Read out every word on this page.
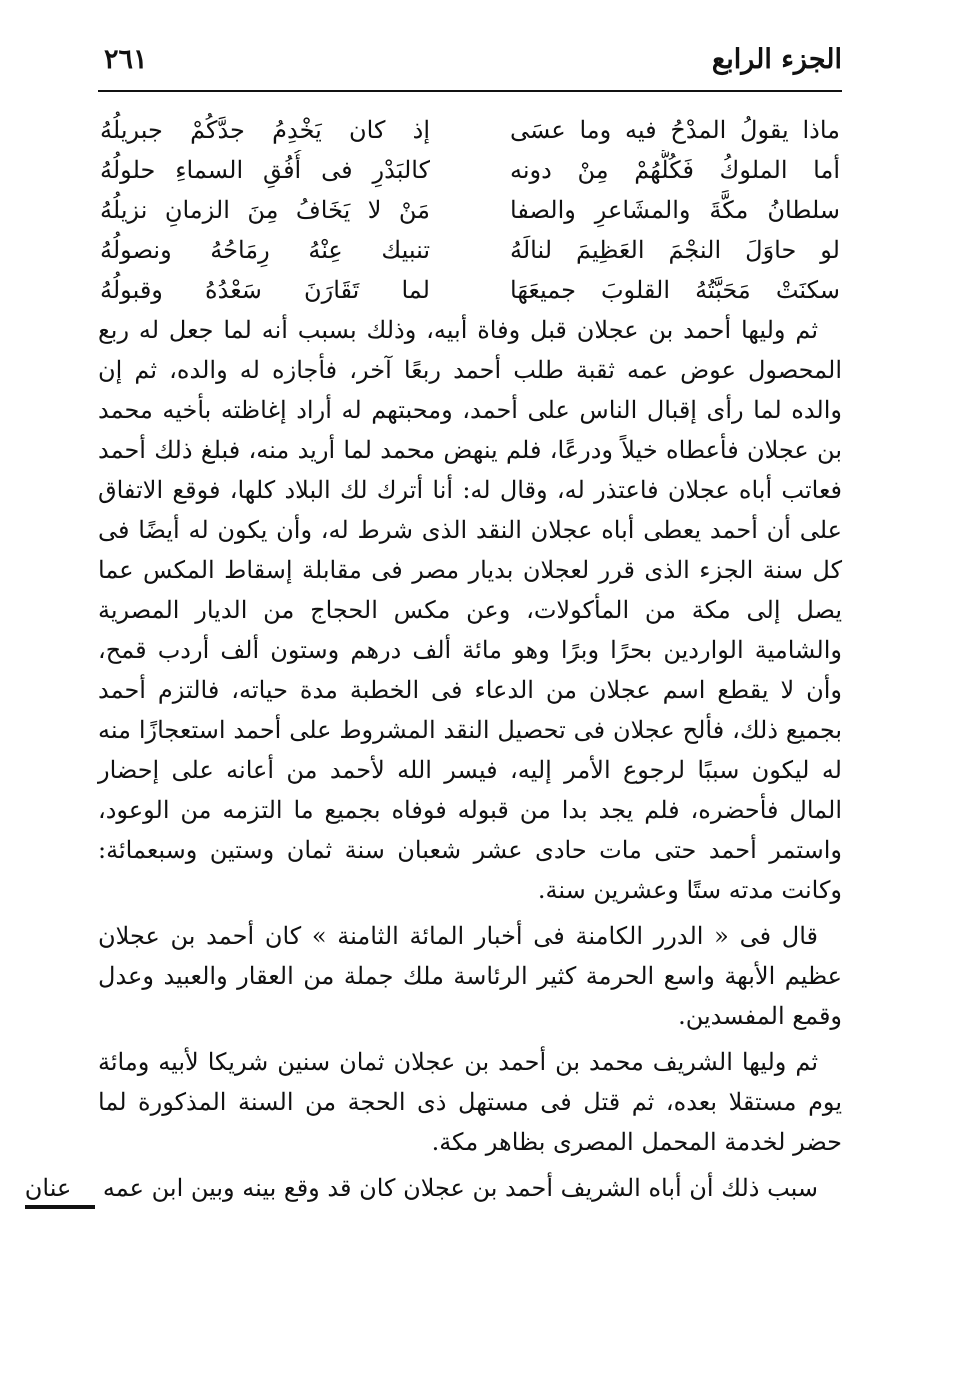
الجزء الرابع
٢٦١
ماذا يقولُ المدْحُ فيه وما عسَى
إذ كان يَخْدِمُ جدَّكُمْ جبريلُهُ
أما الملوكُ فَكُلُّهُمْ مِنْ دونه
كالبَدْرِ فى أُفُقِ السماءِ حلولُهُ
سلطانُ مكَّةَ والمشَاعرِ والصفا
مَنْ لا يَخَافُ مِنَ الزمانِ نزيلُهُ
لو حاوَلَ النجْمَ العَظِيمَ لنالَهُ
تنبيك عِنْهُ رِمَاحُهُ ونصولُهُ
سكنَتْ مَحَبَّتُهُ القلوبَ جميعَهَا
لما تَقَارَنَ سَعْدُهُ وقبولُهُ

ثم وليها أحمد بن عجلان قبل وفاة أبيه، وذلك بسبب أنه لما جعل له ربع المحصول عوض عمه ثقبة طلب أحمد ربعًا آخر، فأجازه له والده، ثم إن والده لما رأى إقبال الناس على أحمد، ومحبتهم له أراد إغاظته بأخيه محمد بن عجلان فأعطاه خيلاً ودرعًا، فلم ينهض محمد لما أريد منه، فبلغ ذلك أحمد فعاتب أباه عجلان فاعتذر له، وقال له: أنا أترك لك البلاد كلها، فوقع الاتفاق على أن أحمد يعطى أباه عجلان النقد الذى شرط له، وأن يكون له أيضًا فى كل سنة الجزء الذى قرر لعجلان بديار مصر فى مقابلة إسقاط المكس عما يصل إلى مكة من المأكولات، وعن مكس الحجاج من الديار المصرية والشامية الواردين بحرًا وبرًا وهو مائة ألف درهم وستون ألف أردب قمح، وأن لا يقطع اسم عجلان من الدعاء فى الخطبة مدة حياته، فالتزم أحمد بجميع ذلك، فألح عجلان فى تحصيل النقد المشروط على أحمد استعجازًا منه له ليكون سببًا لرجوع الأمر إليه، فيسر الله لأحمد من أعانه على إحضار المال فأحضره، فلم يجد بدا من قبوله فوفاه بجميع ما التزمه من الوعود، واستمر أحمد حتى مات حادى عشر شعبان سنة ثمان وستين وسبعمائة: وكانت مدته ستًا وعشرين سنة.

قال فى « الدرر الكامنة فى أخبار المائة الثامنة » كان أحمد بن عجلان عظيم الأبهة واسع الحرمة كثير الرئاسة ملك جملة من العقار والعبيد وعدل وقمع المفسدين.

ثم وليها الشريف محمد بن أحمد بن عجلان ثمان سنين شريكا لأبيه ومائة يوم مستقلا بعده، ثم قتل فى مستهل ذى الحجة من السنة المذكورة لما حضر لخدمة المحمل المصرى بظاهر مكة.

سبب ذلك أن أباه الشريف أحمد بن عجلان كان قد وقع بينه وبين ابن عمه عنان
